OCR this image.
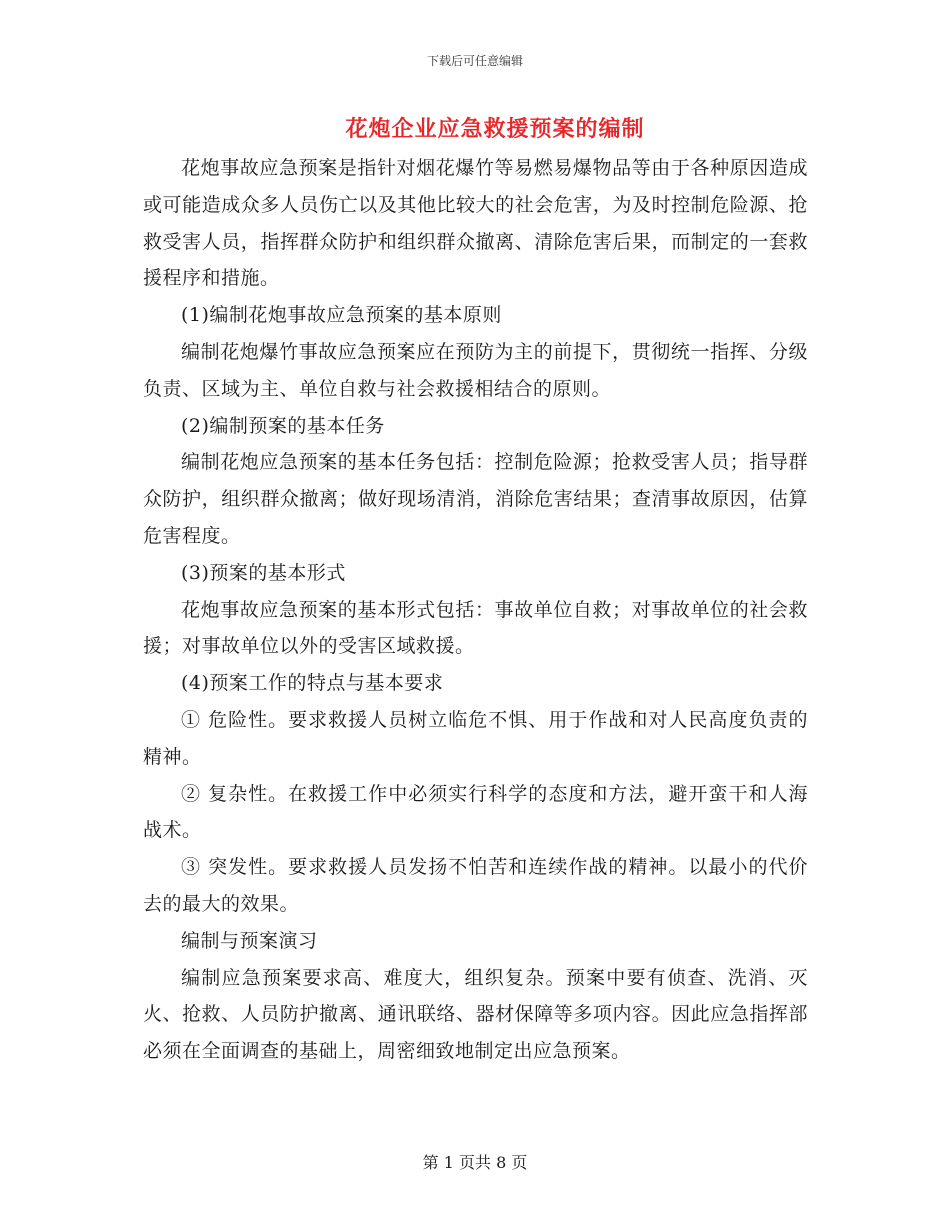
下载后可任意编辑
花炮企业应急救援预案的编制

花炮事故应急预案是指针对烟花爆竹等易燃易爆物品等由于各种原因造成或可能造成众多人员伤亡以及其他比较大的社会危害，为及时控制危险源、抢救受害人员，指挥群众防护和组织群众撤离、清除危害后果，而制定的一套救援程序和措施。

(1)编制花炮事故应急预案的基本原则

编制花炮爆竹事故应急预案应在预防为主的前提下，贯彻统一指挥、分级负责、区域为主、单位自救与社会救援相结合的原则。

(2)编制预案的基本任务

编制花炮应急预案的基本任务包括：控制危险源；抢救受害人员；指导群众防护，组织群众撤离；做好现场清消，消除危害结果；查清事故原因，估算危害程度。

(3)预案的基本形式

花炮事故应急预案的基本形式包括：事故单位自救；对事故单位的社会救援；对事故单位以外的受害区域救援。

(4)预案工作的特点与基本要求

① 危险性。要求救援人员树立临危不惧、用于作战和对人民高度负责的精神。

② 复杂性。在救援工作中必须实行科学的态度和方法，避开蛮干和人海战术。

③ 突发性。要求救援人员发扬不怕苦和连续作战的精神。以最小的代价去的最大的效果。

编制与预案演习

编制应急预案要求高、难度大，组织复杂。预案中要有侦查、洗消、灭火、抢救、人员防护撤离、通讯联络、器材保障等多项内容。因此应急指挥部必须在全面调查的基础上，周密细致地制定出应急预案。

第 1 页共 8 页
